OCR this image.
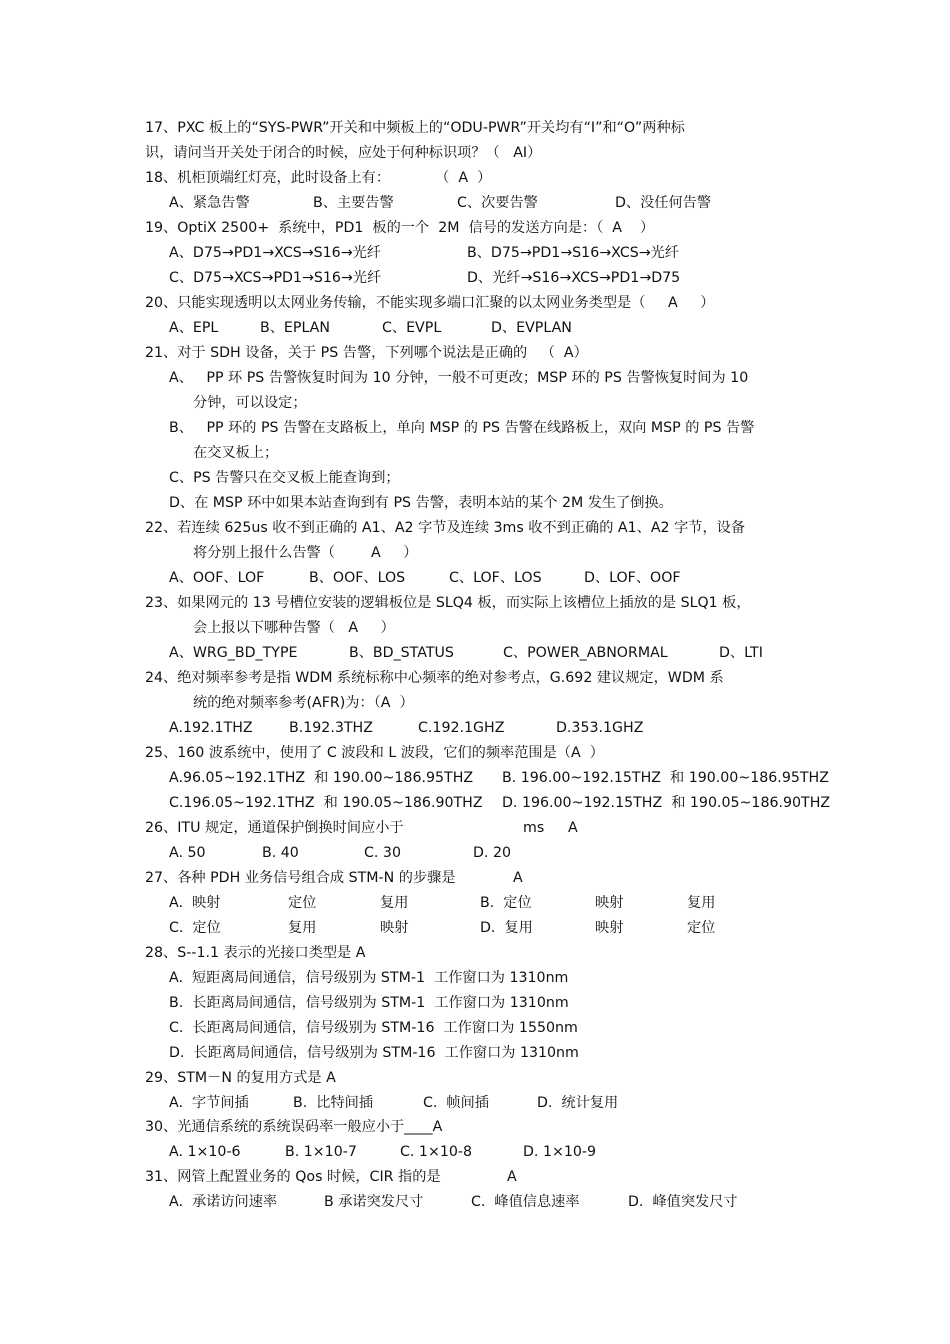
17、PXC 板上的“SYS-PWR”开关和中频板上的“ODU-PWR”开关均有“I”和“O”两种标
识，请问当开关处于闭合的时候，应处于何种标识项？（   AI）
18、机柜顶端红灯亮，此时设备上有：          （  A  ）
A、紧急告警	B、主要告警	C、次要告警	D、没任何告警
19、OptiX 2500+  系统中，PD1  板的一个  2M  信号的发送方向是：（  A    ）
A、D75→PD1→XCS→S16→光纤	B、D75→PD1→S16→XCS→光纤
C、D75→XCS→PD1→S16→光纤	D、光纤→S16→XCS→PD1→D75
20、只能实现透明以太网业务传输，不能实现多端口汇聚的以太网业务类型是（     A     ）
A、EPL	B、EPLAN	C、EVPL	D、EVPLAN
21、对于 SDH 设备，关于 PS 告警，下列哪个说法是正确的   （  A）
A、   PP 环 PS 告警恢复时间为 10 分钟，一般不可更改；MSP 环的 PS 告警恢复时间为 10
分钟，可以设定；
B、   PP 环的 PS 告警在支路板上，单向 MSP 的 PS 告警在线路板上，双向 MSP 的 PS 告警
在交叉板上；
C、PS 告警只在交叉板上能查询到；
D、在 MSP 环中如果本站查询到有 PS 告警，表明本站的某个 2M 发生了倒换。
22、若连续 625us 收不到正确的 A1、A2 字节及连续 3ms 收不到正确的 A1、A2 字节，设备
将分别上报什么告警（        A     ）
A、OOF、LOF	B、OOF、LOS	C、LOF、LOS	D、LOF、OOF
23、如果网元的 13 号槽位安装的逻辑板位是 SLQ4 板，而实际上该槽位上插放的是 SLQ1 板，
会上报以下哪种告警（   A     ）
A、WRG_BD_TYPE	B、BD_STATUS	C、POWER_ABNORMAL	D、LTI
24、绝对频率参考是指 WDM 系统标称中心频率的绝对参考点，G.692 建议规定，WDM 系
统的绝对频率参考(AFR)为：（A  ）
A.192.1THZ	B.192.3THZ	C.192.1GHZ	D.353.1GHZ
25、160 波系统中，使用了 C 波段和 L 波段，它们的频率范围是（A  ）
A.96.05~192.1THZ  和 190.00~186.95THZ B. 196.00~192.15THZ  和 190.00~186.95THZ
C.196.05~192.1THZ  和 190.05~186.90THZ D. 196.00~192.15THZ  和 190.05~186.90THZ
26、ITU 规定，通道保护倒换时间应小于	ms A
A. 50	B. 40	C. 30	D. 20
27、各种 PDH 业务信号组合成 STM-N 的步骤是	A
A.  映射	定位	复用	B.  定位	映射	复用
C.  定位	复用	映射	D.  复用	映射	定位
28、S--1.1 表示的光接口类型是 A
A.  短距离局间通信，信号级别为 STM-1  工作窗口为 1310nm
B.  长距离局间通信，信号级别为 STM-1  工作窗口为 1310nm
C.  长距离局间通信，信号级别为 STM-16  工作窗口为 1550nm
D.  长距离局间通信，信号级别为 STM-16  工作窗口为 1310nm
29、STM－N 的复用方式是 A
A.  字节间插	B.  比特间插	C.  帧间插	D.  统计复用
30、光通信系统的系统误码率一般应小于____A
A. 1×10-6	B. 1×10-7	C. 1×10-8	D. 1×10-9
31、网管上配置业务的 Qos 时候，CIR 指的是	A
A.  承诺访问速率	B 承诺突发尺寸	C.  峰值信息速率	D.  峰值突发尺寸
